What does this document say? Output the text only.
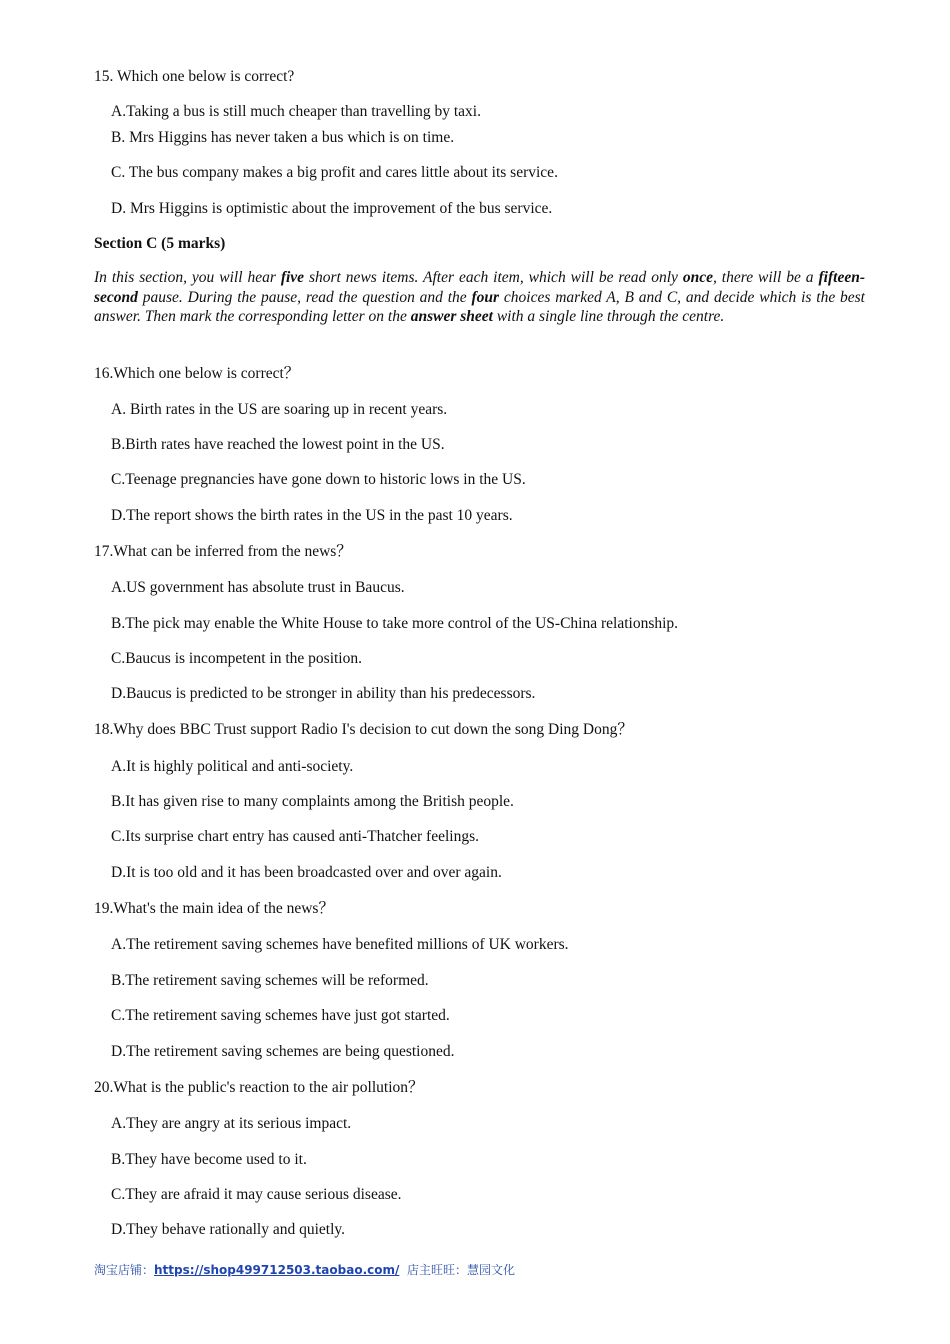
15. Which one below is correct?
A.Taking a bus is still much cheaper than travelling by taxi.
B. Mrs Higgins has never taken a bus which is on time.
C. The bus company makes a big profit and cares little about its service.
D. Mrs Higgins is optimistic about the improvement of the bus service.
Section C (5 marks)
In this section, you will hear five short news items. After each item, which will be read only once, there will be a fifteen-second pause. During the pause, read the question and the four choices marked A, B and C, and decide which is the best answer. Then mark the corresponding letter on the answer sheet with a single line through the centre.
16.Which one below is correct？
A. Birth rates in the US are soaring up in recent years.
B.Birth rates have reached the lowest point in the US.
C.Teenage pregnancies have gone down to historic lows in the US.
D.The report shows the birth rates in the US in the past 10 years.
17.What can be inferred from the news？
A.US government has absolute trust in Baucus.
B.The pick may enable the White House to take more control of the US-China relationship.
C.Baucus is incompetent in the position.
D.Baucus is predicted to be stronger in ability than his predecessors.
18.Why does BBC Trust support Radio I's decision to cut down the song Ding Dong？
A.It is highly political and anti-society.
B.It has given rise to many complaints among the British people.
C.Its surprise chart entry has caused anti-Thatcher feelings.
D.It is too old and it has been broadcasted over and over again.
19.What's the main idea of the news？
A.The retirement saving schemes have benefited millions of UK workers.
B.The retirement saving schemes will be reformed.
C.The retirement saving schemes have just got started.
D.The retirement saving schemes are being questioned.
20.What is the public's reaction to the air pollution？
A.They are angry at its serious impact.
B.They have become used to it.
C.They are afraid it may cause serious disease.
D.They behave rationally and quietly.
淘宝店铺：https://shop499712503.taobao.com/ 店主旺旺：慧园文化
